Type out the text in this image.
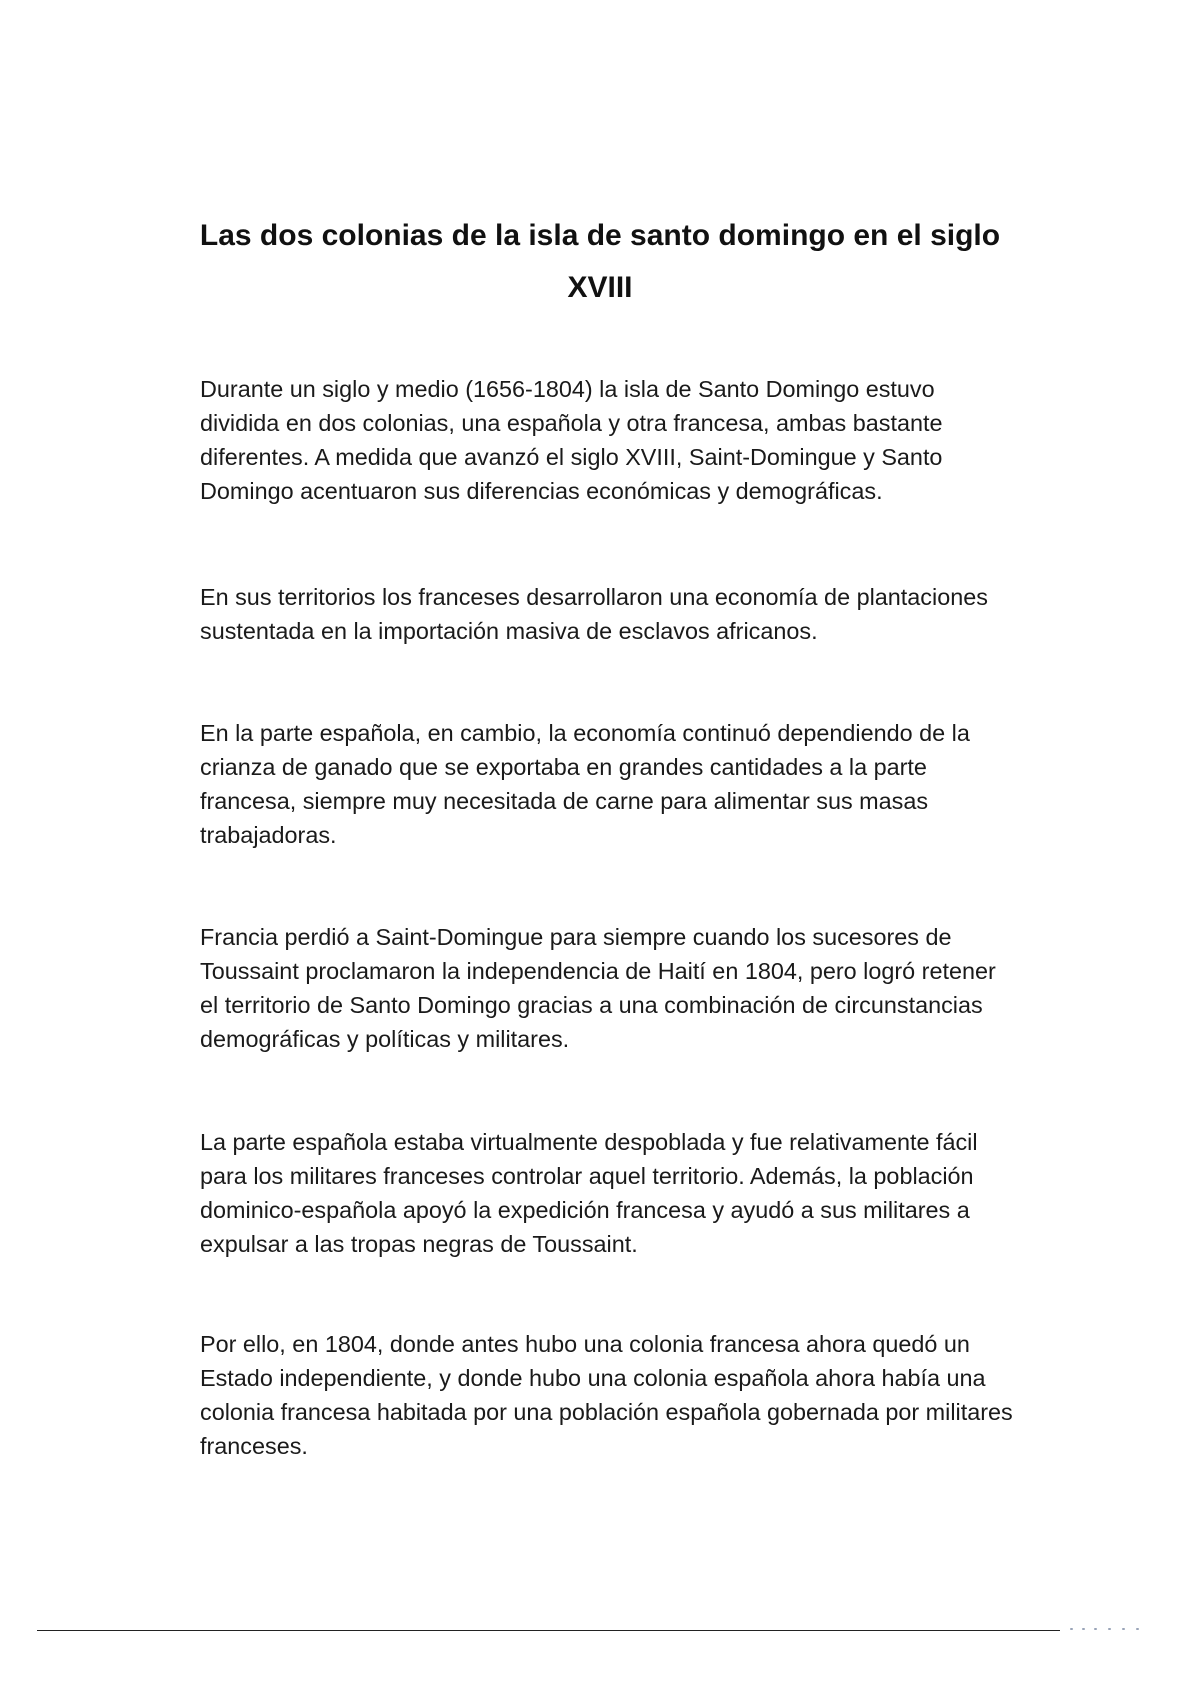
Las dos colonias de la isla de santo domingo en el siglo XVIII

Durante un siglo y medio (1656-1804) la isla de Santo Domingo estuvo dividida en dos colonias, una española y otra francesa, ambas bastante diferentes. A medida que avanzó el siglo XVIII, Saint-Domingue y Santo Domingo acentuaron sus diferencias económicas y demográficas.

En sus territorios los franceses desarrollaron una economía de plantaciones sustentada en la importación masiva de esclavos africanos.

En la parte española, en cambio, la economía continuó dependiendo de la crianza de ganado que se exportaba en grandes cantidades a la parte francesa, siempre muy necesitada de carne para alimentar sus masas trabajadoras.

Francia perdió a Saint-Domingue para siempre cuando los sucesores de Toussaint proclamaron la independencia de Haití en 1804, pero logró retener el territorio de Santo Domingo gracias a una combinación de circunstancias demográficas y políticas y militares.

La parte española estaba virtualmente despoblada y fue relativamente fácil para los militares franceses controlar aquel territorio. Además, la población dominico-española apoyó la expedición francesa y ayudó a sus militares a expulsar a las tropas negras de Toussaint.

Por ello, en 1804, donde antes hubo una colonia francesa ahora quedó un Estado independiente, y donde hubo una colonia española ahora había una colonia francesa habitada por una población española gobernada por militares franceses.
